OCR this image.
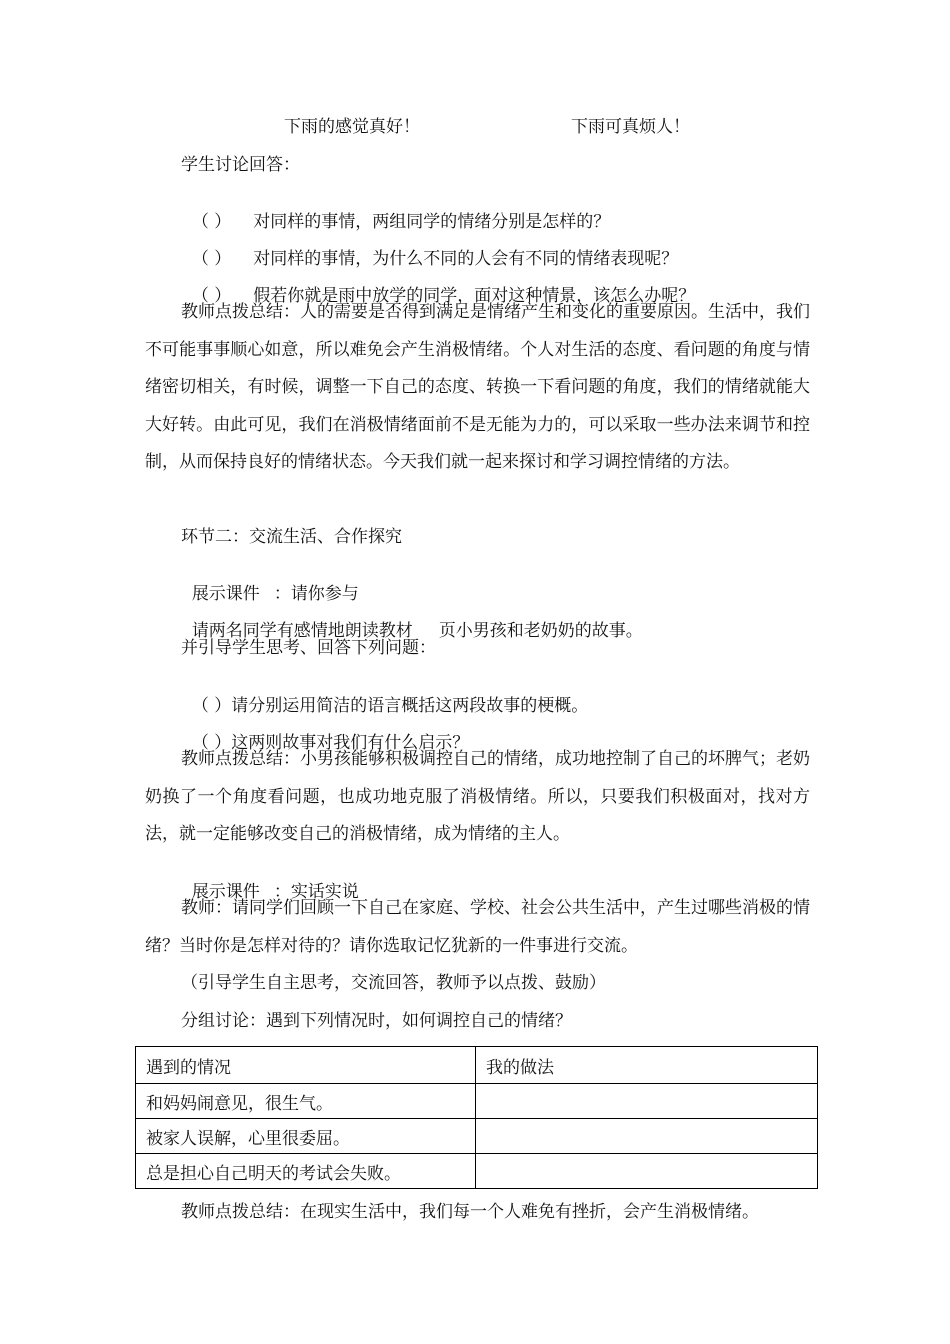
下雨的感觉真好！	下雨可真烦人！
学生讨论回答：

（ ） 对同样的事情，两组同学的情绪分别是怎样的？

（ ） 对同样的事情，为什么不同的人会有不同的情绪表现呢？

（ ） 假若你就是雨中放学的同学，面对这种情景，该怎么办呢？

教师点拨总结：人的需要是否得到满足是情绪产生和变化的重要原因。生活中，我们不可能事事顺心如意，所以难免会产生消极情绪。个人对生活的态度、看问题的角度与情绪密切相关，有时候，调整一下自己的态度、转换一下看问题的角度，我们的情绪就能大大好转。由此可见，我们在消极情绪面前不是无能为力的，可以采取一些办法来调节和控制，从而保持良好的情绪状态。今天我们就一起来探讨和学习调控情绪的方法。
环节二：交流生活、合作探究

展示课件 ：请你参与

请两名同学有感情地朗读教材 页小男孩和老奶奶的故事。

并引导学生思考、回答下列问题：

（ ）请分别运用简洁的语言概括这两段故事的梗概。

（ ）这两则故事对我们有什么启示？

教师点拨总结：小男孩能够积极调控自己的情绪，成功地控制了自己的坏脾气；老奶奶换了一个角度看问题，也成功地克服了消极情绪。所以，只要我们积极面对，找对方法，就一定能够改变自己的消极情绪，成为情绪的主人。

展示课件 ：实话实说

教师：请同学们回顾一下自己在家庭、学校、社会公共生活中，产生过哪些消极的情绪？当时你是怎样对待的？请你选取记忆犹新的一件事进行交流。
（引导学生自主思考，交流回答，教师予以点拨、鼓励）
分组讨论：遇到下列情况时，如何调控自己的情绪？
遇到的情况	我的做法
和妈妈闹意见，很生气。	
被家人误解，心里很委屈。	
总是担心自己明天的考试会失败。	
教师点拨总结：在现实生活中，我们每一个人难免有挫折，会产生消极情绪。
